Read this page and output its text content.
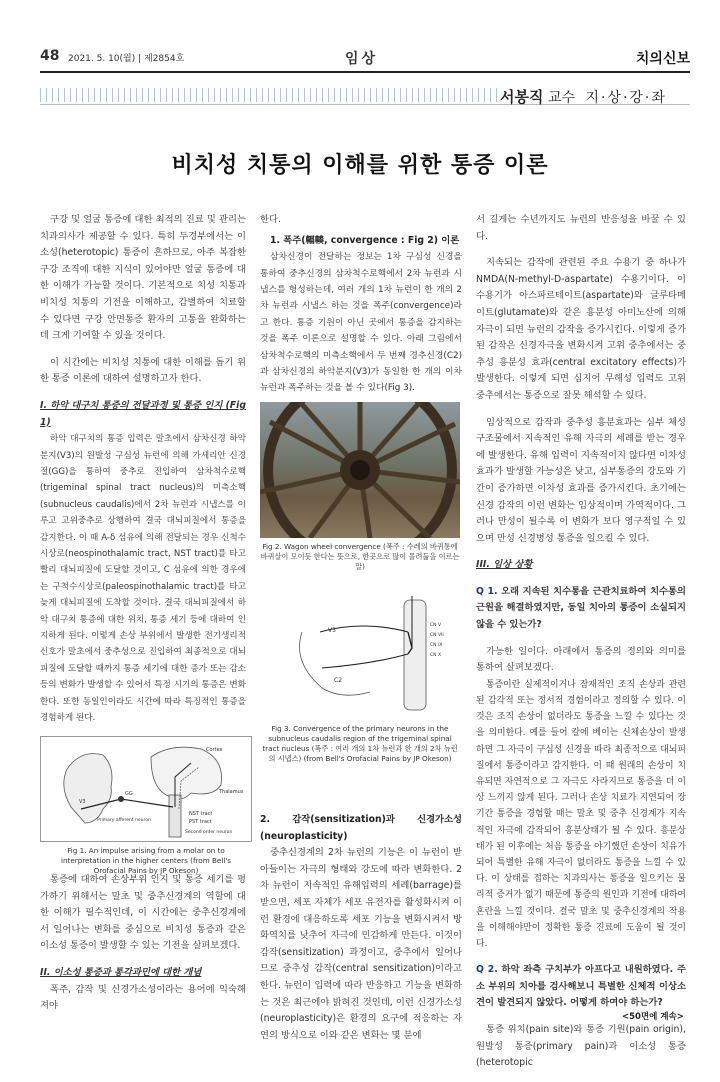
48 2021. 5. 10(월) | 제2854호	임상	치의신보
서봉직 교수 지·상·강·좌
비치성 치통의 이해를 위한 통증 이론

구강 및 얼굴 통증에 대한 최적의 진료 및 관리는 치과의사가 제공할 수 있다. 특히 두경부에서는 이소성(heterotopic) 통증이 흔하므로, 아주 복잡한 구강 조직에 대한 지식이 있어야만 얼굴 통증에 대한 이해가 가능할 것이다. 기본적으로 치성 치통과 비치성 치통의 기전을 이해하고, 감별하여 치료할 수 있다면 구강 안면통증 환자의 고통을 완화하는데 크게 기여할 수 있을 것이다.

이 시간에는 비치성 치통에 대한 이해를 돕기 위한 통증 이론에 대하여 설명하고자 한다.

I. 하악 대구치 통증의 전달과정 및 통증 인지 (Fig 1)

하악 대구치의 통증 입력은 말초에서 삼차신경 하악 분지(V3)의 원발성 구심성 뉴런에 의해 가세리안 신경절(GG)을 통하여 중추로 진입하여 삼차척수로핵(trigeminal spinal tract nucleus)의 미측소핵(subnucleus caudalis)에서 2차 뉴런과 시냅스를 이루고 고위중추로 상행하여 결국 대뇌피질에서 통증을 감지한다. 이 때 A-δ 섬유에 의해 전달되는 경우 신척수시상로(neospinothalamic tract, NST tract)를 타고 빨리 대뇌피질에 도달할 것이고, C 섬유에 의한 경우에는 구척수시상로(paleospinothalamic tract)를 타고 늦게 대뇌피질에 도착할 것이다. 결국 대뇌피질에서 하악 대구치 통증에 대한 위치, 통증 세기 등에 대하여 인지하게 된다. 이렇게 손상 부위에서 발생한 전기생리적 신호가 말초에서 중추성으로 진입하여 최종적으로 대뇌피질에 도달할 때까지 통증 세기에 대한 증가 또는 감소 등의 변화가 발생할 수 있어서 특정 시기의 통증은 변화한다. 또한 동일인이라도 시간에 따라 특징적인 통증을 경험하게 된다.

Cortex
Thalamus
NST tract
PST tract
V3
GG
Primary afferent neuron
Second order neuron
Fig 1. An impulse arising from a molar on to interpretation in the higher centers (from Bell's Orofacial Pains by JP Okeson)

통증에 대하여 손상부위 인지 및 통증 세기를 평가하기 위해서는 말초 및 중추신경계의 역할에 대한 이해가 필수적인데, 이 시간에는 중추신경계에서 일어나는 변화를 중심으로 비치성 통증과 같은 이소성 통증이 발생할 수 있는 기전을 살펴보겠다.

II. 이소성 통증과 통각과민에 대한 개념

폭주, 감작 및 신경가소성이라는 용어에 익숙해져야

한다.

1. 폭주(輻輳, convergence : Fig 2) 이론

삼차신경이 전달하는 정보는 1차 구심성 신경을 통하여 중추신경의 삼차척수로핵에서 2차 뉴런과 시냅스를 형성하는데, 여러 개의 1차 뉴런이 한 개의 2차 뉴런과 시냅스 하는 것을 폭주(convergence)라고 한다. 통증 기원이 아닌 곳에서 통증을 감지하는 것을 폭주 이론으로 설명할 수 있다. 아래 그림에서 삼차척수로핵의 미측소핵에서 두 번째 경추신경(C2)과 삼차신경의 하악분지(V3)가 동일한 한 개의 이차 뉴런과 폭주하는 것을 볼 수 있다(Fig 3).

Fig 2. Wagon wheel convergence (폭주 : 수레의 바퀴통에 바퀴살이 모이듯 한다는 뜻으로, 한곳으로 많이 몰려듦을 이르는 말)
V3
C2
CN V
CN VII
CN IX
CN X
Fig 3. Convergence of the primary neurons in the subnucleus caudalis region of the trigeminal spinal tract nucleus (폭주 : 여러 개의 1차 뉴런과 한 개의 2차 뉴런의 시냅스) (from Bell's Orofacial Pains by JP Okeson)

2. 감작(sensitization)과 신경가소성(neuroplasticity)

중추신경계의 2차 뉴런의 기능은 이 뉴런이 받아들이는 자극의 형태와 강도에 따라 변화한다. 2차 뉴런이 지속적인 유해입력의 세례(barrage)를 받으면, 세포 자체가 세포 유전자를 활성화시켜 이런 환경에 대응하도록 세포 기능을 변화시켜서 방화역치를 낮추어 자극에 민감하게 만든다. 이것이 감작(sensitization) 과정이고, 중추에서 일어나므로 중추성 감작(central sensitization)이라고 한다. 뉴런이 입력에 따라 반응하고 기능을 변화하는 것은 최근에야 밝혀진 것인데, 이런 신경가소성(neuroplasticity)은 환경의 요구에 적응하는 자연의 방식으로 이와 같은 변화는 몇 분에

서 길게는 수년까지도 뉴런의 반응성을 바꿀 수 있다.

지속되는 감작에 관련된 주요 수용기 중 하나가 NMDA(N-methyl-D-aspartate) 수용기이다. 이 수용기가 아스파르테이트(aspartate)와 글루타메이트(glutamate)와 같은 흥분성 아미노산에 의해 자극이 되면 뉴런의 감작을 증가시킨다. 이렇게 증가된 감작은 신경자극을 변화시켜 고위 중추에서는 중추성 흥분성 효과(central excitatory effects)가 발생한다. 이렇게 되면 심지어 무해성 입력도 고위 중추에서는 통증으로 잘못 해석할 수 있다.

임상적으로 감작과 중추성 흥분효과는 심부 체성 구조물에서 지속적인 유해 자극의 세례를 받는 경우에 발생한다. 유해 입력이 지속적이지 않다면 이차성 효과가 발생할 가능성은 낮고, 심부통증의 강도와 기간이 증가하면 이차성 효과를 증가시킨다. 초기에는 신경 감작의 이런 변화는 임상적이며 가역적이다. 그러나 만성이 될수록 이 변화가 보다 영구적일 수 있으며 만성 신경병성 통증을 일으킬 수 있다.

III. 임상 상황

Q 1. 오래 지속된 치수통을 근관치료하여 치수통의 근원을 해결하였지만, 동일 치아의 통증이 소실되지 않을 수 있는가?

가능한 일이다. 아래에서 통증의 정의와 의미를 통하여 살펴보겠다.

통증이란 실제적이거나 잠재적인 조직 손상과 관련된 감각적 또는 정서적 경험이라고 정의할 수 있다. 이것은 조직 손상이 없더라도 통증을 느낄 수 있다는 것을 의미한다. 예를 들어 칼에 베이는 신체손상이 발생하면 그 자극이 구심성 신경을 따라 최종적으로 대뇌피질에서 통증이라고 감지한다. 이 때 원래의 손상이 치유되면 자연적으로 그 자극도 사라지므로 통증을 더 이상 느끼지 않게 된다. 그러나 손상 치료가 지연되어 장기간 통증을 경험할 때는 말초 및 중추 신경계가 지속적인 자극에 감작되어 흥분상태가 될 수 있다. 흥분상태가 된 이후에는 처음 통증을 야기했던 손상이 치유가 되어 특별한 유해 자극이 없더라도 통증을 느낄 수 있다. 이 상태를 접하는 치과의사는 통증을 일으키는 물리적 증거가 없기 때문에 통증의 원인과 기전에 대하여 혼란을 느낄 것이다. 결국 말초 및 중추신경계의 작용을 이해해야만이 정확한 통증 진료에 도움이 될 것이다.

Q 2. 하악 좌측 구치부가 아프다고 내원하였다. 주소 부위의 치아를 검사해보니 특별한 신체적 이상소견이 발견되지 않았다. 어떻게 하여야 하는가?

통증 위치(pain site)와 통증 기원(pain origin), 원발성 통증(primary pain)과 이소성 통증(heterotopic

<50면에 계속>
